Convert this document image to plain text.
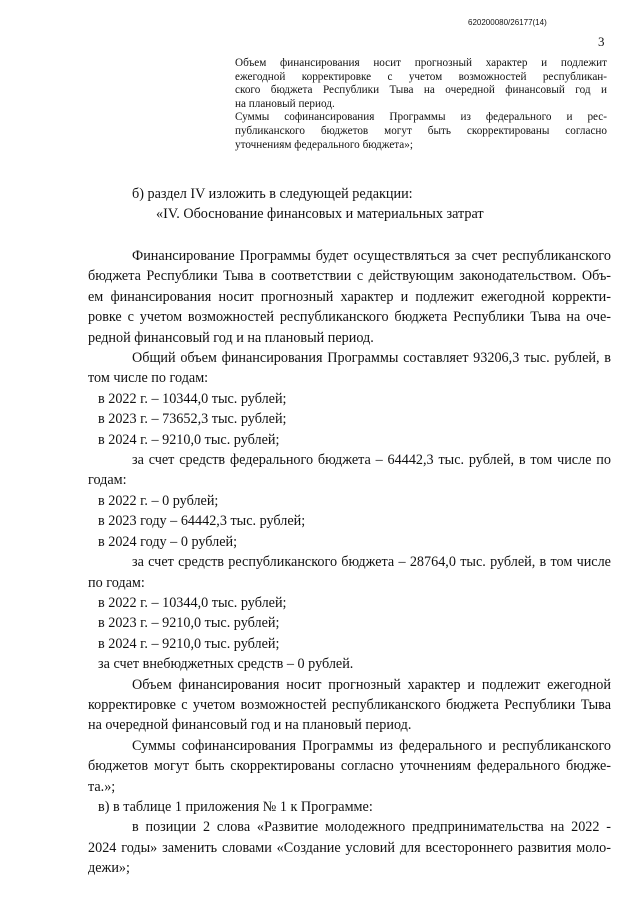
620200080/26177(14)
3
Объем финансирования носит прогнозный характер и подлежит
ежегодной корректировке с учетом возможностей республикан-
ского бюджета Республики Тыва на очередной финансовый год и
на плановый период.
Суммы софинансирования Программы из федерального и рес-
публиканского бюджетов могут быть скорректированы согласно
уточнениям федерального бюджета»;
б) раздел IV изложить в следующей редакции:
«IV. Обоснование финансовых и материальных затрат
Финансирование Программы будет осуществляться за счет республиканского
бюджета Республики Тыва в соответствии с действующим законодательством. Объ-
ем финансирования носит прогнозный характер и подлежит ежегодной корректи-
ровке с учетом возможностей республиканского бюджета Республики Тыва на оче-
редной финансовый год и на плановый период.
Общий объем финансирования Программы составляет 93206,3 тыс. рублей, в
том числе по годам:
в 2022 г. – 10344,0 тыс. рублей;
в 2023 г. – 73652,3 тыс. рублей;
в 2024 г. – 9210,0 тыс. рублей;
за счет средств федерального бюджета – 64442,3 тыс. рублей, в том числе по
годам:
в 2022 г. – 0 рублей;
в 2023 году – 64442,3 тыс. рублей;
в 2024 году – 0 рублей;
за счет средств республиканского бюджета – 28764,0 тыс. рублей, в том числе
по годам:
в 2022 г. – 10344,0 тыс. рублей;
в 2023 г. – 9210,0 тыс. рублей;
в 2024 г. – 9210,0 тыс. рублей;
за счет внебюджетных средств – 0 рублей.
Объем финансирования носит прогнозный характер и подлежит ежегодной
корректировке с учетом возможностей республиканского бюджета Республики Тыва
на очередной финансовый год и на плановый период.
Суммы софинансирования Программы из федерального и республиканского
бюджетов могут быть скорректированы согласно уточнениям федерального бюдже-
та.»;
в) в таблице 1 приложения № 1 к Программе:
в позиции 2 слова «Развитие молодежного предпринимательства на 2022 -
2024 годы» заменить словами «Создание условий для всестороннего развития моло-
дежи»;
